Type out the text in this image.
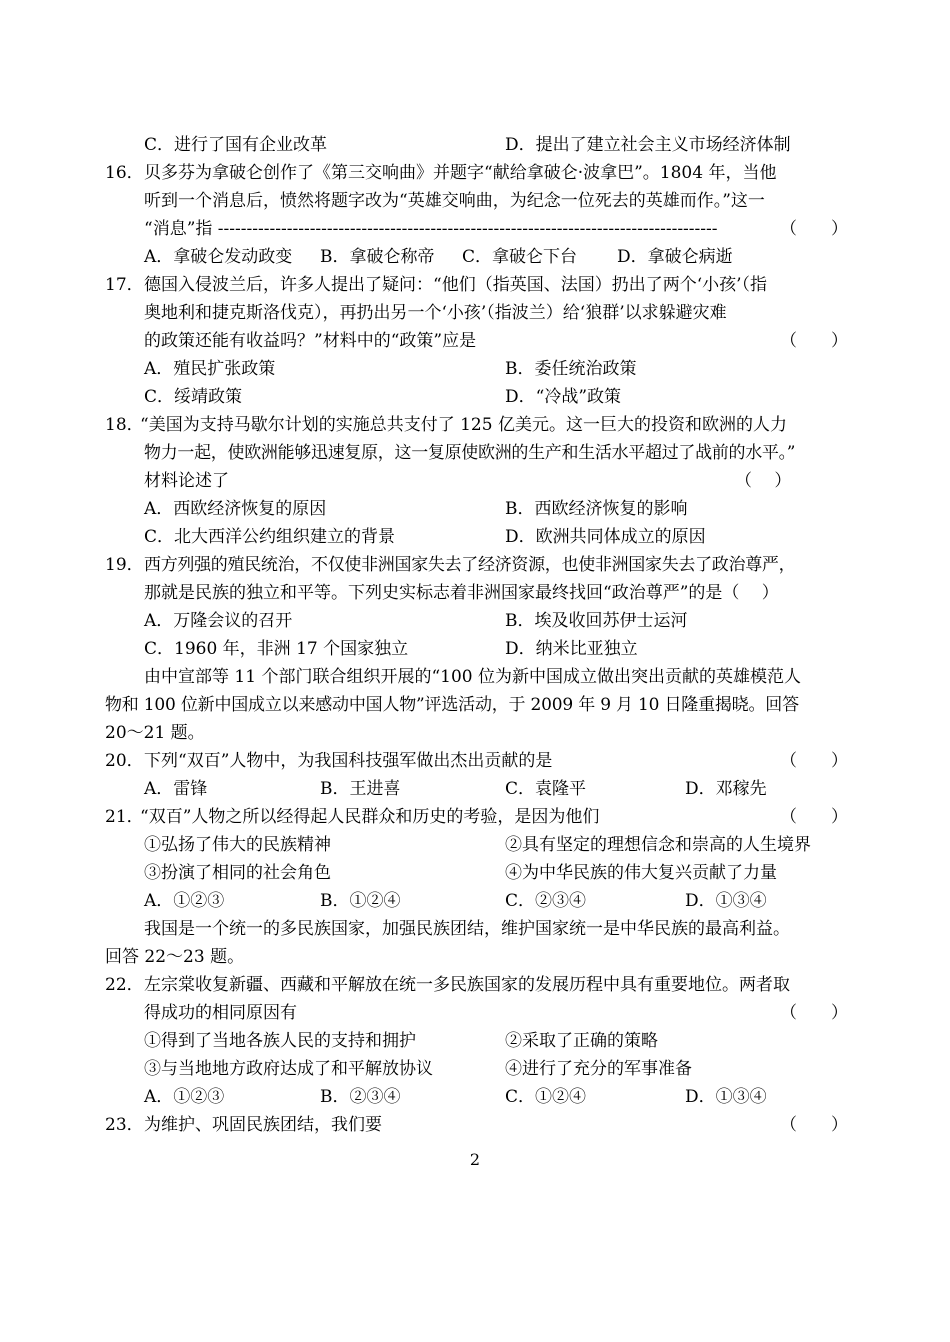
C．进行了国有企业改革	D．提出了建立社会主义市场经济体制
16． 贝多芬为拿破仑创作了《第三交响曲》并题字“献给拿破仑·波拿巴”。1804 年，当他
听到一个消息后，愤然将题字改为“英雄交响曲，为纪念一位死去的英雄而作。”这一
“消息”指 ---------------------------------------------------------------------------------------	（　　）
A．拿破仑发动政变 B．拿破仑称帝 C．拿破仑下台 D．拿破仑病逝
17． 德国入侵波兰后，许多人提出了疑问：“他们（指英国、法国）扔出了两个‘小孩’（指
奥地利和捷克斯洛伐克），再扔出另一个‘小孩’（指波兰）给‘狼群’以求躲避灾难
的政策还能有收益吗？”材料中的“政策”应是	（　　）
A．殖民扩张政策	B．委任统治政策
C．绥靖政策	D．“冷战”政策
18．
“美国为支持马歇尔计划的实施总共支付了 125 亿美元。这一巨大的投资和欧洲的人力
物力一起，使欧洲能够迅速复原，这一复原使欧洲的生产和生活水平超过了战前的水平。”
材料论述了	（　 ）
A．西欧经济恢复的原因	B．西欧经济恢复的影响
C．北大西洋公约组织建立的背景	D．欧洲共同体成立的原因
19． 西方列强的殖民统治，不仅使非洲国家失去了经济资源，也使非洲国家失去了政治尊严，
那就是民族的独立和平等。下列史实标志着非洲国家最终找回“政治尊严”的是（　 ）
A．万隆会议的召开	B．埃及收回苏伊士运河
C．1960 年，非洲 17 个国家独立	D．纳米比亚独立
由中宣部等 11 个部门联合组织开展的“100 位为新中国成立做出突出贡献的英雄模范人
物和 100 位新中国成立以来感动中国人物”评选活动，于 2009 年 9 月 10 日隆重揭晓。回答
20～21 题。
20． 下列“双百”人物中，为我国科技强军做出杰出贡献的是	（　　）
A．雷锋	B．王进喜	C．袁隆平	D．邓稼先
21．
“双百”人物之所以经得起人民群众和历史的考验，是因为他们	（　　）
①弘扬了伟大的民族精神	②具有坚定的理想信念和崇高的人生境界
③扮演了相同的社会角色	④为中华民族的伟大复兴贡献了力量
A．①②③	B．①②④	C．②③④	D．①③④
我国是一个统一的多民族国家，加强民族团结，维护国家统一是中华民族的最高利益。
回答 22～23 题。
22． 左宗棠收复新疆、西藏和平解放在统一多民族国家的发展历程中具有重要地位。两者取
得成功的相同原因有	（　　）
①得到了当地各族人民的支持和拥护	②采取了正确的策略
③与当地地方政府达成了和平解放协议	④进行了充分的军事准备
A．①②③	B．②③④	C．①②④	D．①③④
23． 为维护、巩固民族团结，我们要	（　　）
2
